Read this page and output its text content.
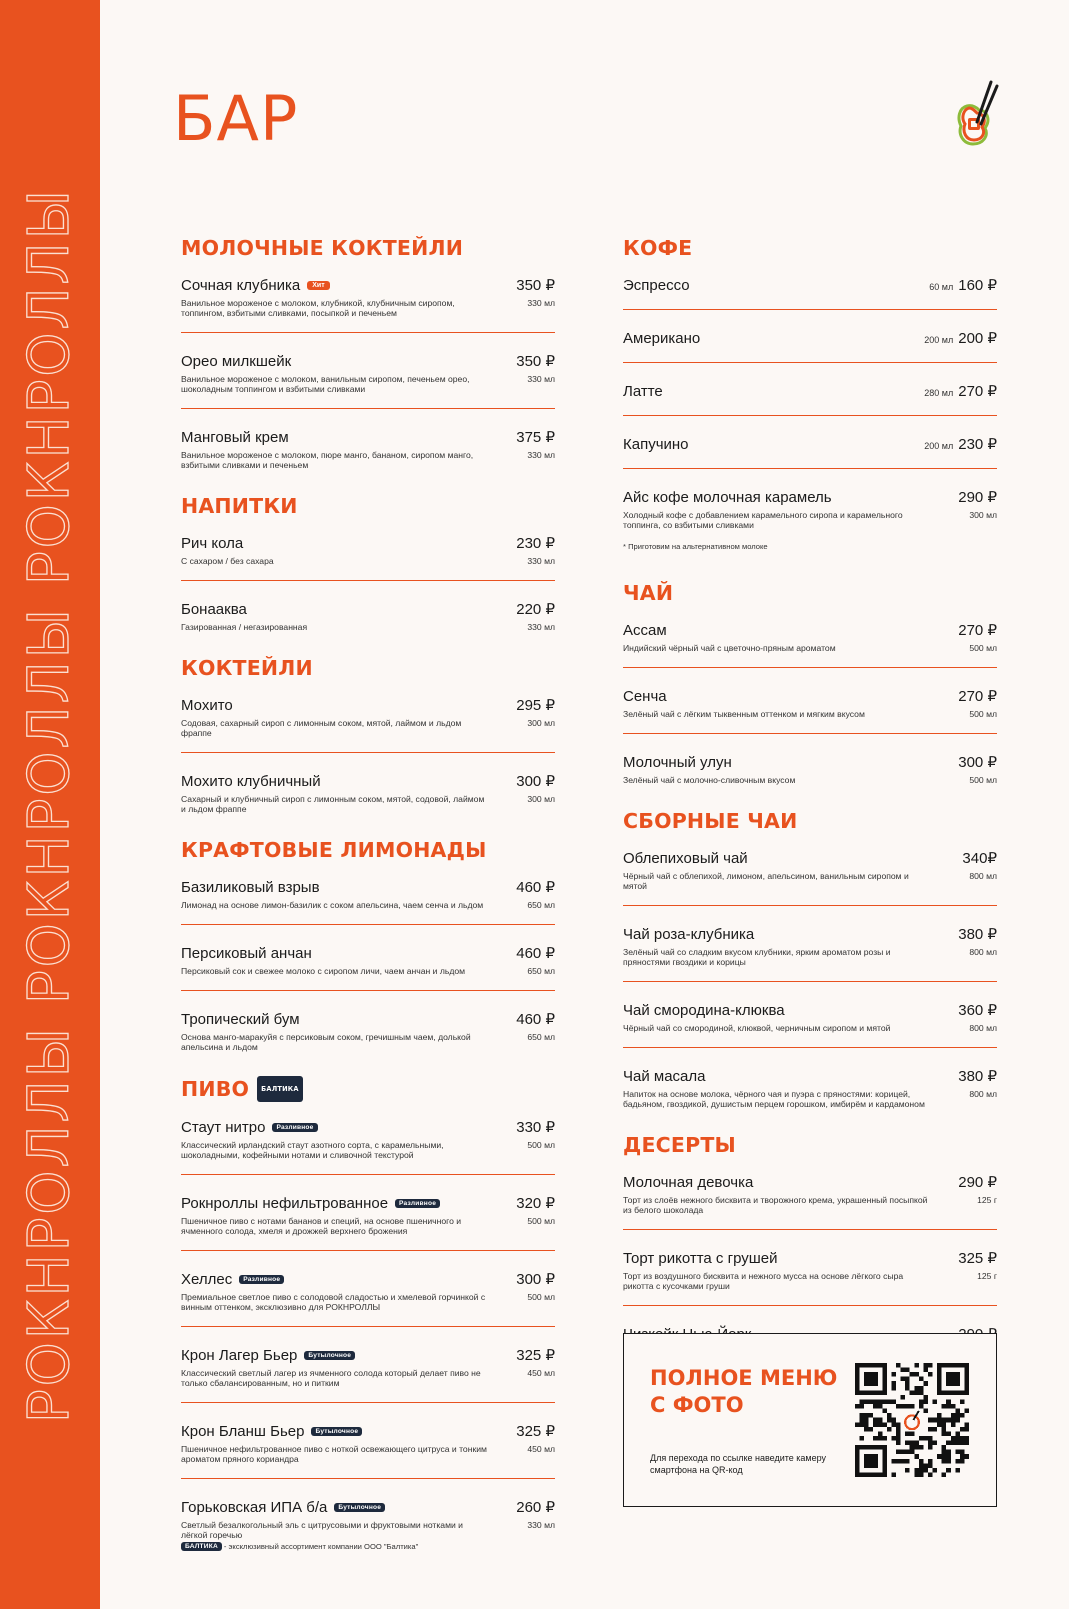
РОКНРОЛЛЫ РОКНРОЛЛЫ РОКНРОЛЛЫ
БАР
МОЛОЧНЫЕ КОКТЕЙЛИ
Сочная клубника	Хит	350 ₽
Ванильное мороженое с молоком, клубникой, клубничным сиропом, топпингом, взбитыми сливками, посыпкой и печеньем
330 мл
Орео милкшейк	350 ₽
Ванильное мороженое с молоком, ванильным сиропом, печеньем орео, шоколадным топпингом и взбитыми сливками
330 мл
Манговый крем	375 ₽
Ванильное мороженое с молоком, пюре манго, бананом, сиропом манго, взбитыми сливками и печеньем
330 мл
НАПИТКИ
Рич кола	230 ₽
С сахаром / без сахара	330 мл
Бонааква	220 ₽
Газированная / негазированная	330 мл
КОКТЕЙЛИ
Мохито	295 ₽
Содовая, сахарный сироп с лимонным соком, мятой, лаймом и льдом фраппе
300 мл
Мохито клубничный	300 ₽
Сахарный и клубничный сироп с лимонным соком, мятой, содовой, лаймом и льдом фраппе
300 мл
КРАФТОВЫЕ ЛИМОНАДЫ
Базиликовый взрыв	460 ₽
Лимонад на основе лимон-базилик с соком апельсина, чаем сенча и льдом	650 мл
Персиковый анчан	460 ₽
Персиковый сок и свежее молоко с сиропом личи, чаем анчан и льдом	650 мл
Тропический бум	460 ₽
Основа манго-маракуйя с персиковым соком, гречишным чаем, долькой апельсина и льдом
650 мл
ПИВО	БАЛТИКА
Стаут нитро	Разливное	330 ₽
Классический ирландский стаут азотного сорта, с карамельными, шоколадными, кофейными нотами и сливочной текстурой
500 мл
Рокнроллы нефильтрованное	Разливное	320 ₽
Пшеничное пиво с нотами бананов и специй, на основе пшеничного и ячменного солода, хмеля и дрожжей верхнего брожения
500 мл
Хеллес	Разливное	300 ₽
Премиальное светлое пиво с солодовой сладостью и хмелевой горчинкой с винным оттенком, эксклюзивно для РОКНРОЛЛЫ
500 мл
Крон Лагер Бьер	Бутылочное	325 ₽
Классический светлый лагер из ячменного солода который делает пиво не только сбалансированным, но и питким
450 мл
Крон Бланш Бьер	Бутылочное	325 ₽
Пшеничное нефильтрованное пиво с ноткой освежающего цитруса и тонким ароматом пряного кориандра
450 мл
Горьковская ИПА б/а	Бутылочное	260 ₽
Светлый безалкогольный эль с цитрусовыми и фруктовыми нотками и лёгкой горечью
330 мл
КОФЕ
Эспрессо	60 мл 160 ₽
Американо	200 мл 200 ₽
Латте	280 мл 270 ₽
Капучино	200 мл 230 ₽
Айс кофе молочная карамель	290 ₽
Холодный кофе с добавлением карамельного сиропа и карамельного топпинга, со взбитыми сливками
300 мл
* Приготовим на альтернативном молоке
ЧАЙ
Ассам	270 ₽
Индийский чёрный чай с цветочно-пряным ароматом	500 мл
Сенча	270 ₽
Зелёный чай с лёгким тыквенным оттенком и мягким вкусом	500 мл
Молочный улун	300 ₽
Зелёный чай с молочно-сливочным вкусом	500 мл
СБОРНЫЕ ЧАИ
Облепиховый чай	340₽
Чёрный чай с облепихой, лимоном, апельсином, ванильным сиропом и мятой
800 мл
Чай роза-клубника	380 ₽
Зелёный чай со сладким вкусом клубники, ярким ароматом розы и пряностями гвоздики и корицы
800 мл
Чай смородина-клюква	360 ₽
Чёрный чай со смородиной, клюквой, черничным сиропом и мятой	800 мл
Чай масала	380 ₽
Напиток на основе молока, чёрного чая и пуэра с пряностями: корицей, бадьяном, гвоздикой, душистым перцем горошком, имбирём и кардамоном
800 мл
ДЕСЕРТЫ
Молочная девочка	290 ₽
Торт из слоёв нежного бисквита и творожного крема, украшенный посыпкой из белого шоколада
125 г
Торт рикотта с грушей	325 ₽
Торт из воздушного бисквита и нежного мусса на основе лёгкого сыра рикотта с кусочками груши
125 г
ПОЛНОЕ МЕНЮ С ФОТО
Для перехода по ссылке наведите камеру смартфона на QR-код
БАЛТИКА - эксклюзивный ассортимент компании ООО "Балтика"
